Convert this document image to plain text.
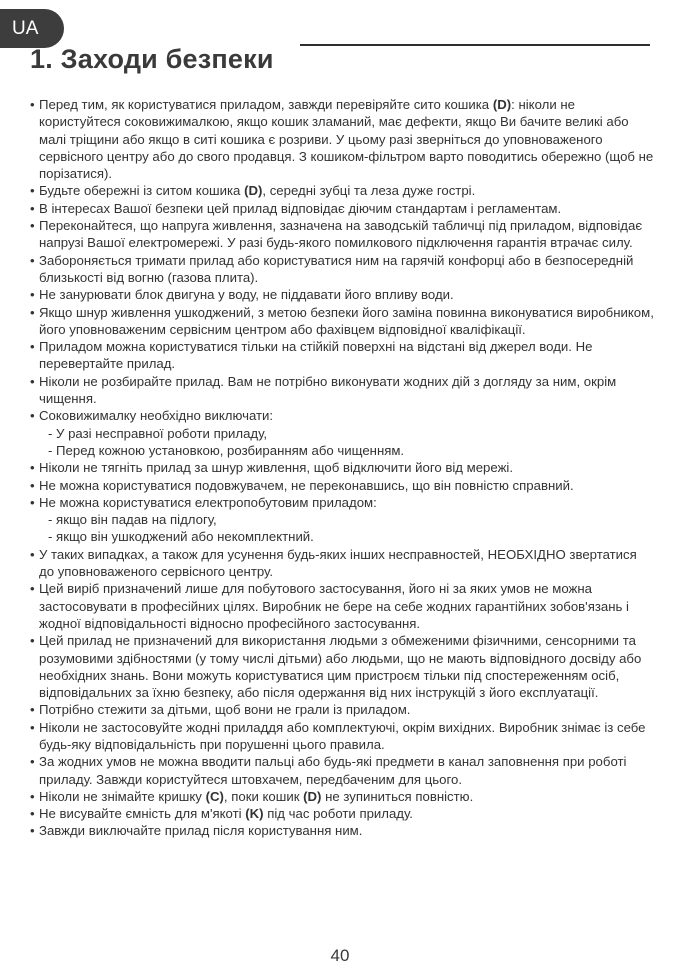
UA
1. Заходи безпеки
• Перед тим, як користуватися приладом, завжди перевіряйте сито кошика (D): ніколи не користуйтеся соковижималкою, якщо кошик зламаний, має дефекти, якщо Ви бачите великі або малі тріщини або якщо в ситі кошика є розриви. У цьому разі зверніться до уповноваженого сервісного центру або до свого продавця. З кошиком-фільтром варто поводитись обережно (щоб не порізатися).
• Будьте обережні із ситом кошика (D), середні зубці та леза дуже гострі.
• В інтересах Вашої безпеки цей прилад відповідає діючим стандартам і регламентам.
• Переконайтеся, що напруга живлення, зазначена на заводській табличці під приладом, відповідає напрузі Вашої електромережі. У разі будь-якого помилкового підключення гарантія втрачає силу.
• Забороняється тримати прилад або користуватися ним на гарячій конфорці або в безпосередній близькості від вогню (газова плита).
• Не занурювати блок двигуна у воду, не піддавати його впливу води.
• Якщо шнур живлення ушкоджений, з метою безпеки його заміна повинна виконуватися виробником, його уповноваженим сервісним центром або фахівцем відповідної кваліфікації.
• Приладом можна користуватися тільки на стійкій поверхні на відстані від джерел води. Не перевертайте прилад.
• Ніколи не розбирайте прилад. Вам не потрібно виконувати жодних дій з догляду за ним, окрім чищення.
• Соковижималку необхідно виключати:
- У разі несправної роботи приладу,
- Перед кожною установкою, розбиранням або чищенням.
• Ніколи не тягніть прилад за шнур живлення, щоб відключити його від мережі.
• Не можна користуватися подовжувачем, не переконавшись, що він повністю справний.
• Не можна користуватися електропобутовим приладом:
- якщо він падав на підлогу,
- якщо він ушкоджений або некомплектний.
• У таких випадках, а також для усунення будь-яких інших несправностей, НЕОБХІДНО звертатися до уповноваженого сервісного центру.
• Цей виріб призначений лише для побутового застосування, його ні за яких умов не можна застосовувати в професійних цілях. Виробник не бере на себе жодних гарантійних зобов'язань і жодної відповідальності відносно професійного застосування.
• Цей прилад не призначений для використання людьми з обмеженими фізичними, сенсорними та розумовими здібностями (у тому числі дітьми) або людьми, що не мають відповідного досвіду або необхідних знань. Вони можуть користуватися цим пристроєм тільки під спостереженням осіб, відповідальних за їхню безпеку, або після одержання від них інструкцій з його експлуатації.
• Потрібно стежити за дітьми, щоб вони не грали із приладом.
• Ніколи не застосовуйте жодні приладдя або комплектуючі, окрім вихідних. Виробник знімає із себе будь-яку відповідальність при порушенні цього правила.
• За жодних умов не можна вводити пальці або будь-які предмети в канал заповнення при роботі приладу. Завжди користуйтеся штовхачем, передбаченим для цього.
• Ніколи не знімайте кришку (C), поки кошик (D) не зупиниться повністю.
• Не висувайте ємність для м'якоті (K) під час роботи приладу.
• Завжди виключайте прилад після користування ним.
40
